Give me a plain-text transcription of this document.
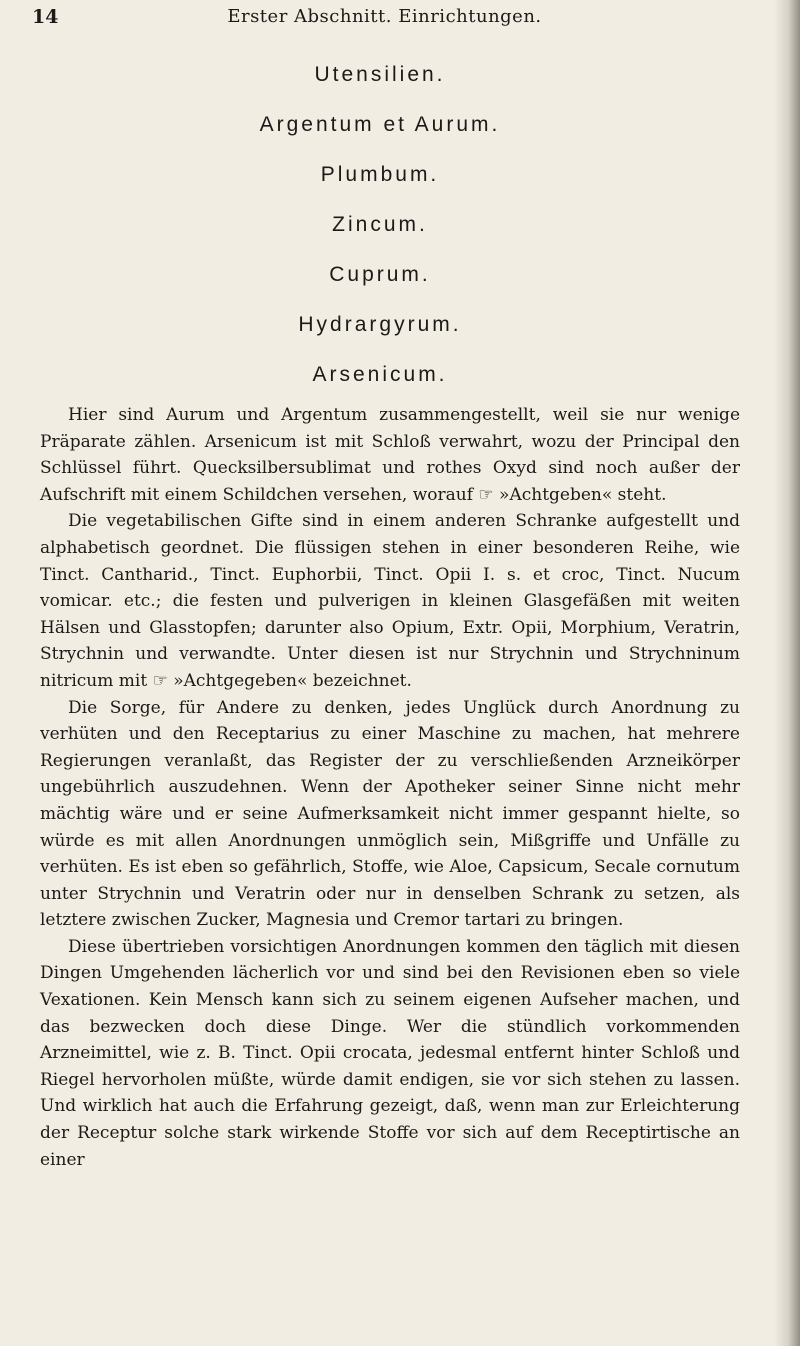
14	Erster Abschnitt. Einrichtungen.
Utensilien.
Argentum et Aurum.
Plumbum.
Zincum.
Cuprum.
Hydrargyrum.
Arsenicum.

Hier sind Aurum und Argentum zusammengestellt, weil sie nur wenige Präparate zählen. Arsenicum ist mit Schloß verwahrt, wozu der Principal den Schlüssel führt. Quecksilbersublimat und rothes Oxyd sind noch außer der Aufschrift mit einem Schildchen versehen, worauf ☞ »Achtgeben« steht.

Die vegetabilischen Gifte sind in einem anderen Schranke aufgestellt und alphabetisch geordnet. Die flüssigen stehen in einer besonderen Reihe, wie Tinct. Cantharid., Tinct. Euphorbii, Tinct. Opii I. s. et croc, Tinct. Nucum vomicar. etc.; die festen und pulverigen in kleinen Glasgefäßen mit weiten Hälsen und Glasstopfen; darunter also Opium, Extr. Opii, Morphium, Veratrin, Strychnin und verwandte. Unter diesen ist nur Strychnin und Strychninum nitricum mit ☞ »Achtgegeben« bezeichnet.

Die Sorge, für Andere zu denken, jedes Unglück durch Anordnung zu verhüten und den Receptarius zu einer Maschine zu machen, hat mehrere Regierungen veranlaßt, das Register der zu verschließenden Arzneikörper ungebührlich auszudehnen. Wenn der Apotheker seiner Sinne nicht mehr mächtig wäre und er seine Aufmerksamkeit nicht immer gespannt hielte, so würde es mit allen Anordnungen unmöglich sein, Mißgriffe und Unfälle zu verhüten. Es ist eben so gefährlich, Stoffe, wie Aloe, Capsicum, Secale cornutum unter Strychnin und Veratrin oder nur in denselben Schrank zu setzen, als letztere zwischen Zucker, Magnesia und Cremor tartari zu bringen.

Diese übertrieben vorsichtigen Anordnungen kommen den täglich mit diesen Dingen Umgehenden lächerlich vor und sind bei den Revisionen eben so viele Vexationen. Kein Mensch kann sich zu seinem eigenen Aufseher machen, und das bezwecken doch diese Dinge. Wer die stündlich vorkommenden Arzneimittel, wie z. B. Tinct. Opii crocata, jedesmal entfernt hinter Schloß und Riegel hervorholen müßte, würde damit endigen, sie vor sich stehen zu lassen. Und wirklich hat auch die Erfahrung gezeigt, daß, wenn man zur Erleichterung der Receptur solche stark wirkende Stoffe vor sich auf dem Receptirtische an einer
